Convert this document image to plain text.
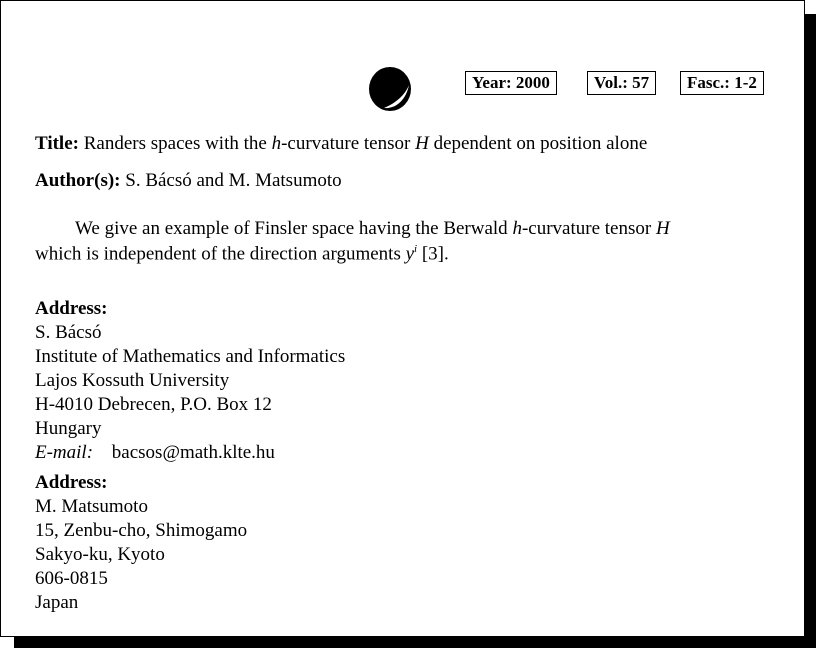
Year: 2000	Vol.: 57	Fasc.: 1-2
Title: Randers spaces with the h-curvature tensor H dependent on position alone
Author(s): S. Bácsó and M. Matsumoto
We give an example of Finsler space having the Berwald h-curvature tensor H
which is independent of the direction arguments $y^i$ [3].
Address:
S. Bácsó
Institute of Mathematics and Informatics
Lajos Kossuth University
H-4010 Debrecen, P.O. Box 12
Hungary
E-mail: bacsos@math.klte.hu
Address:
M. Matsumoto
15, Zenbu-cho, Shimogamo
Sakyo-ku, Kyoto
606-0815
Japan
